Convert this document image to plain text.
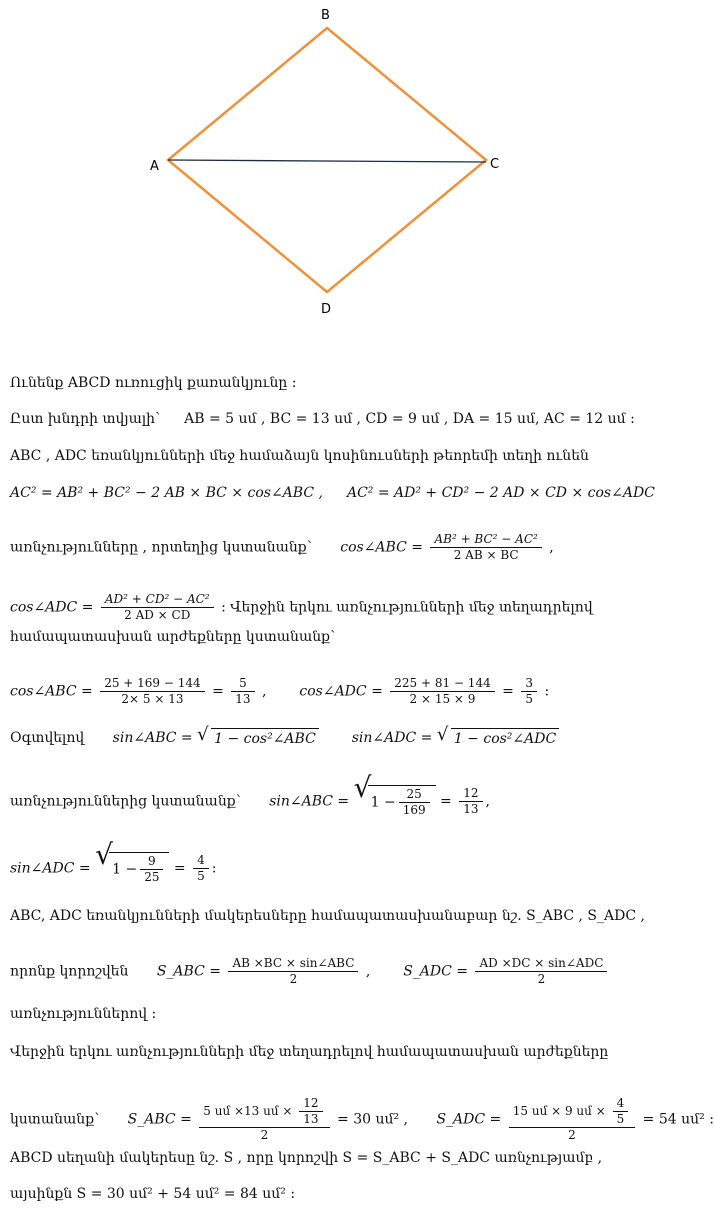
B
A	C
D
Ունենք ABCD ուռուցիկ քառանկյունը :
Ըստ խնդրի տվյալի՝ AB = 5 սմ , BC = 13 սմ , CD = 9 սմ , DA = 15 սմ, AC = 12 սմ :
ABC , ADC եռանկյունների մեջ համաձայն կոսինուսների թեորեմի տեղի ունեն
AC² = AB² + BC² − 2 AB × BC × cos∠ABC , AC² = AD² + CD² − 2 AD × CD × cos∠ADC
առնչությունները , որտեղից կստանանք՝ cos∠ABC = $\frac{\text{AB² + BC² − AC²}}{2 AB \times BC}$ ,
cos∠ADC = $\frac{\text{AD² + CD² − AC²}}{2 AD \times CD}$ : Վերջին երկու առնչությունների մեջ տեղադրելով
համապատասխան արժեքները կստանանք՝
cos∠ABC = $\frac{25 + 169 - 144}{2\times 5 \times 13} = \frac{5}{13}$ ,  cos∠ADC = $\frac{225 + 81 - 144}{2 \times 15 \times 9} = \frac{3}{5}$ :
Օգտվելով sin∠ABC = √ 1 − cos²∠ABC	sin∠ADC = √ 1 − cos²∠ADC
առնչություններից կստանանք՝ sin∠ABC = √ $1 - \frac{25}{169} = \frac{12}{13}$ ,
sin∠ADC = √ $1 - \frac{9}{25} = \frac{4}{5}$ :
ABC, ADC եռանկյունների մակերեսները համապատասխանաբար նշ. S_ABC , S_ADC ,
որոնք կորոշվեն S_ABC =
AB ×BC × sin∠ABC
2	,  S_ADC =
AD ×DC × sin∠ADC
2
առնչություններով :
Վերջին երկու առնչությունների մեջ տեղադրելով համապատասխան արժեքները
կստանանք՝ S_ABC =
5 սմ ×13 սմ × $\frac{12}{13}$
2
= 30 սմ² , S_ADC =
15 սմ × 9 սմ × $\frac{4}{5}$
2
= 54 սմ² :
ABCD սեղանի մակերեսը նշ. S , որը կորոշվի S = S_ABC + S_ADC առնչությամբ ,
այսինքն S = 30 սմ² + 54 սմ² = 84 սմ² :
